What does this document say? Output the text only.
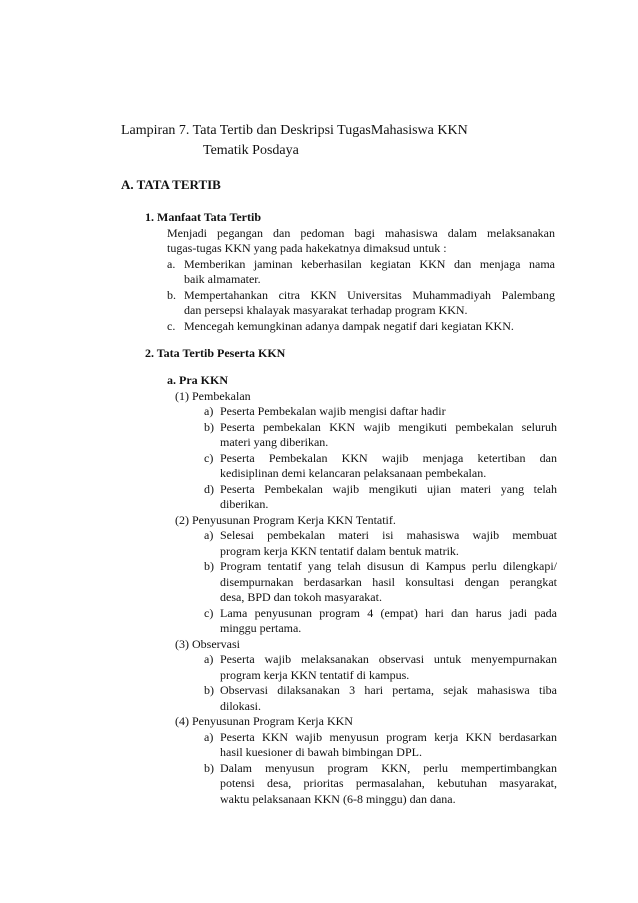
Lampiran 7. Tata Tertib dan Deskripsi TugasMahasiswa KKN
Tematik Posdaya
A. TATA TERTIB
1. Manfaat Tata Tertib
Menjadi pegangan dan pedoman bagi mahasiswa dalam melaksanakan
tugas-tugas KKN yang pada hakekatnya dimaksud untuk :
a. Memberikan jaminan keberhasilan kegiatan KKN dan menjaga nama
baik almamater.
b. Mempertahankan citra KKN Universitas Muhammadiyah Palembang
dan persepsi khalayak masyarakat terhadap program KKN.
c. Mencegah kemungkinan adanya dampak negatif dari kegiatan KKN.
2. Tata Tertib Peserta KKN
a. Pra KKN
(1) Pembekalan
a) Peserta Pembekalan wajib mengisi daftar hadir
b) Peserta pembekalan KKN wajib mengikuti pembekalan seluruh
materi yang diberikan.
c) Peserta Pembekalan KKN wajib menjaga ketertiban dan
kedisiplinan demi kelancaran pelaksanaan pembekalan.
d) Peserta Pembekalan wajib mengikuti ujian materi yang telah
diberikan.
(2) Penyusunan Program Kerja KKN Tentatif.
a) Selesai pembekalan materi isi mahasiswa wajib membuat
program kerja KKN tentatif dalam bentuk matrik.
b) Program tentatif yang telah disusun di Kampus perlu dilengkapi/
disempurnakan berdasarkan hasil konsultasi dengan perangkat
desa, BPD dan tokoh masyarakat.
c) Lama penyusunan program 4 (empat) hari dan harus jadi pada
minggu pertama.
(3) Observasi
a) Peserta wajib melaksanakan observasi untuk menyempurnakan
program kerja KKN tentatif di kampus.
b) Observasi dilaksanakan 3 hari pertama, sejak mahasiswa tiba
dilokasi.
(4) Penyusunan Program Kerja KKN
a) Peserta KKN wajib menyusun program kerja KKN berdasarkan
hasil kuesioner di bawah bimbingan DPL.
b) Dalam menyusun program KKN, perlu mempertimbangkan
potensi desa, prioritas permasalahan, kebutuhan masyarakat,
waktu pelaksanaan KKN (6-8 minggu) dan dana.
